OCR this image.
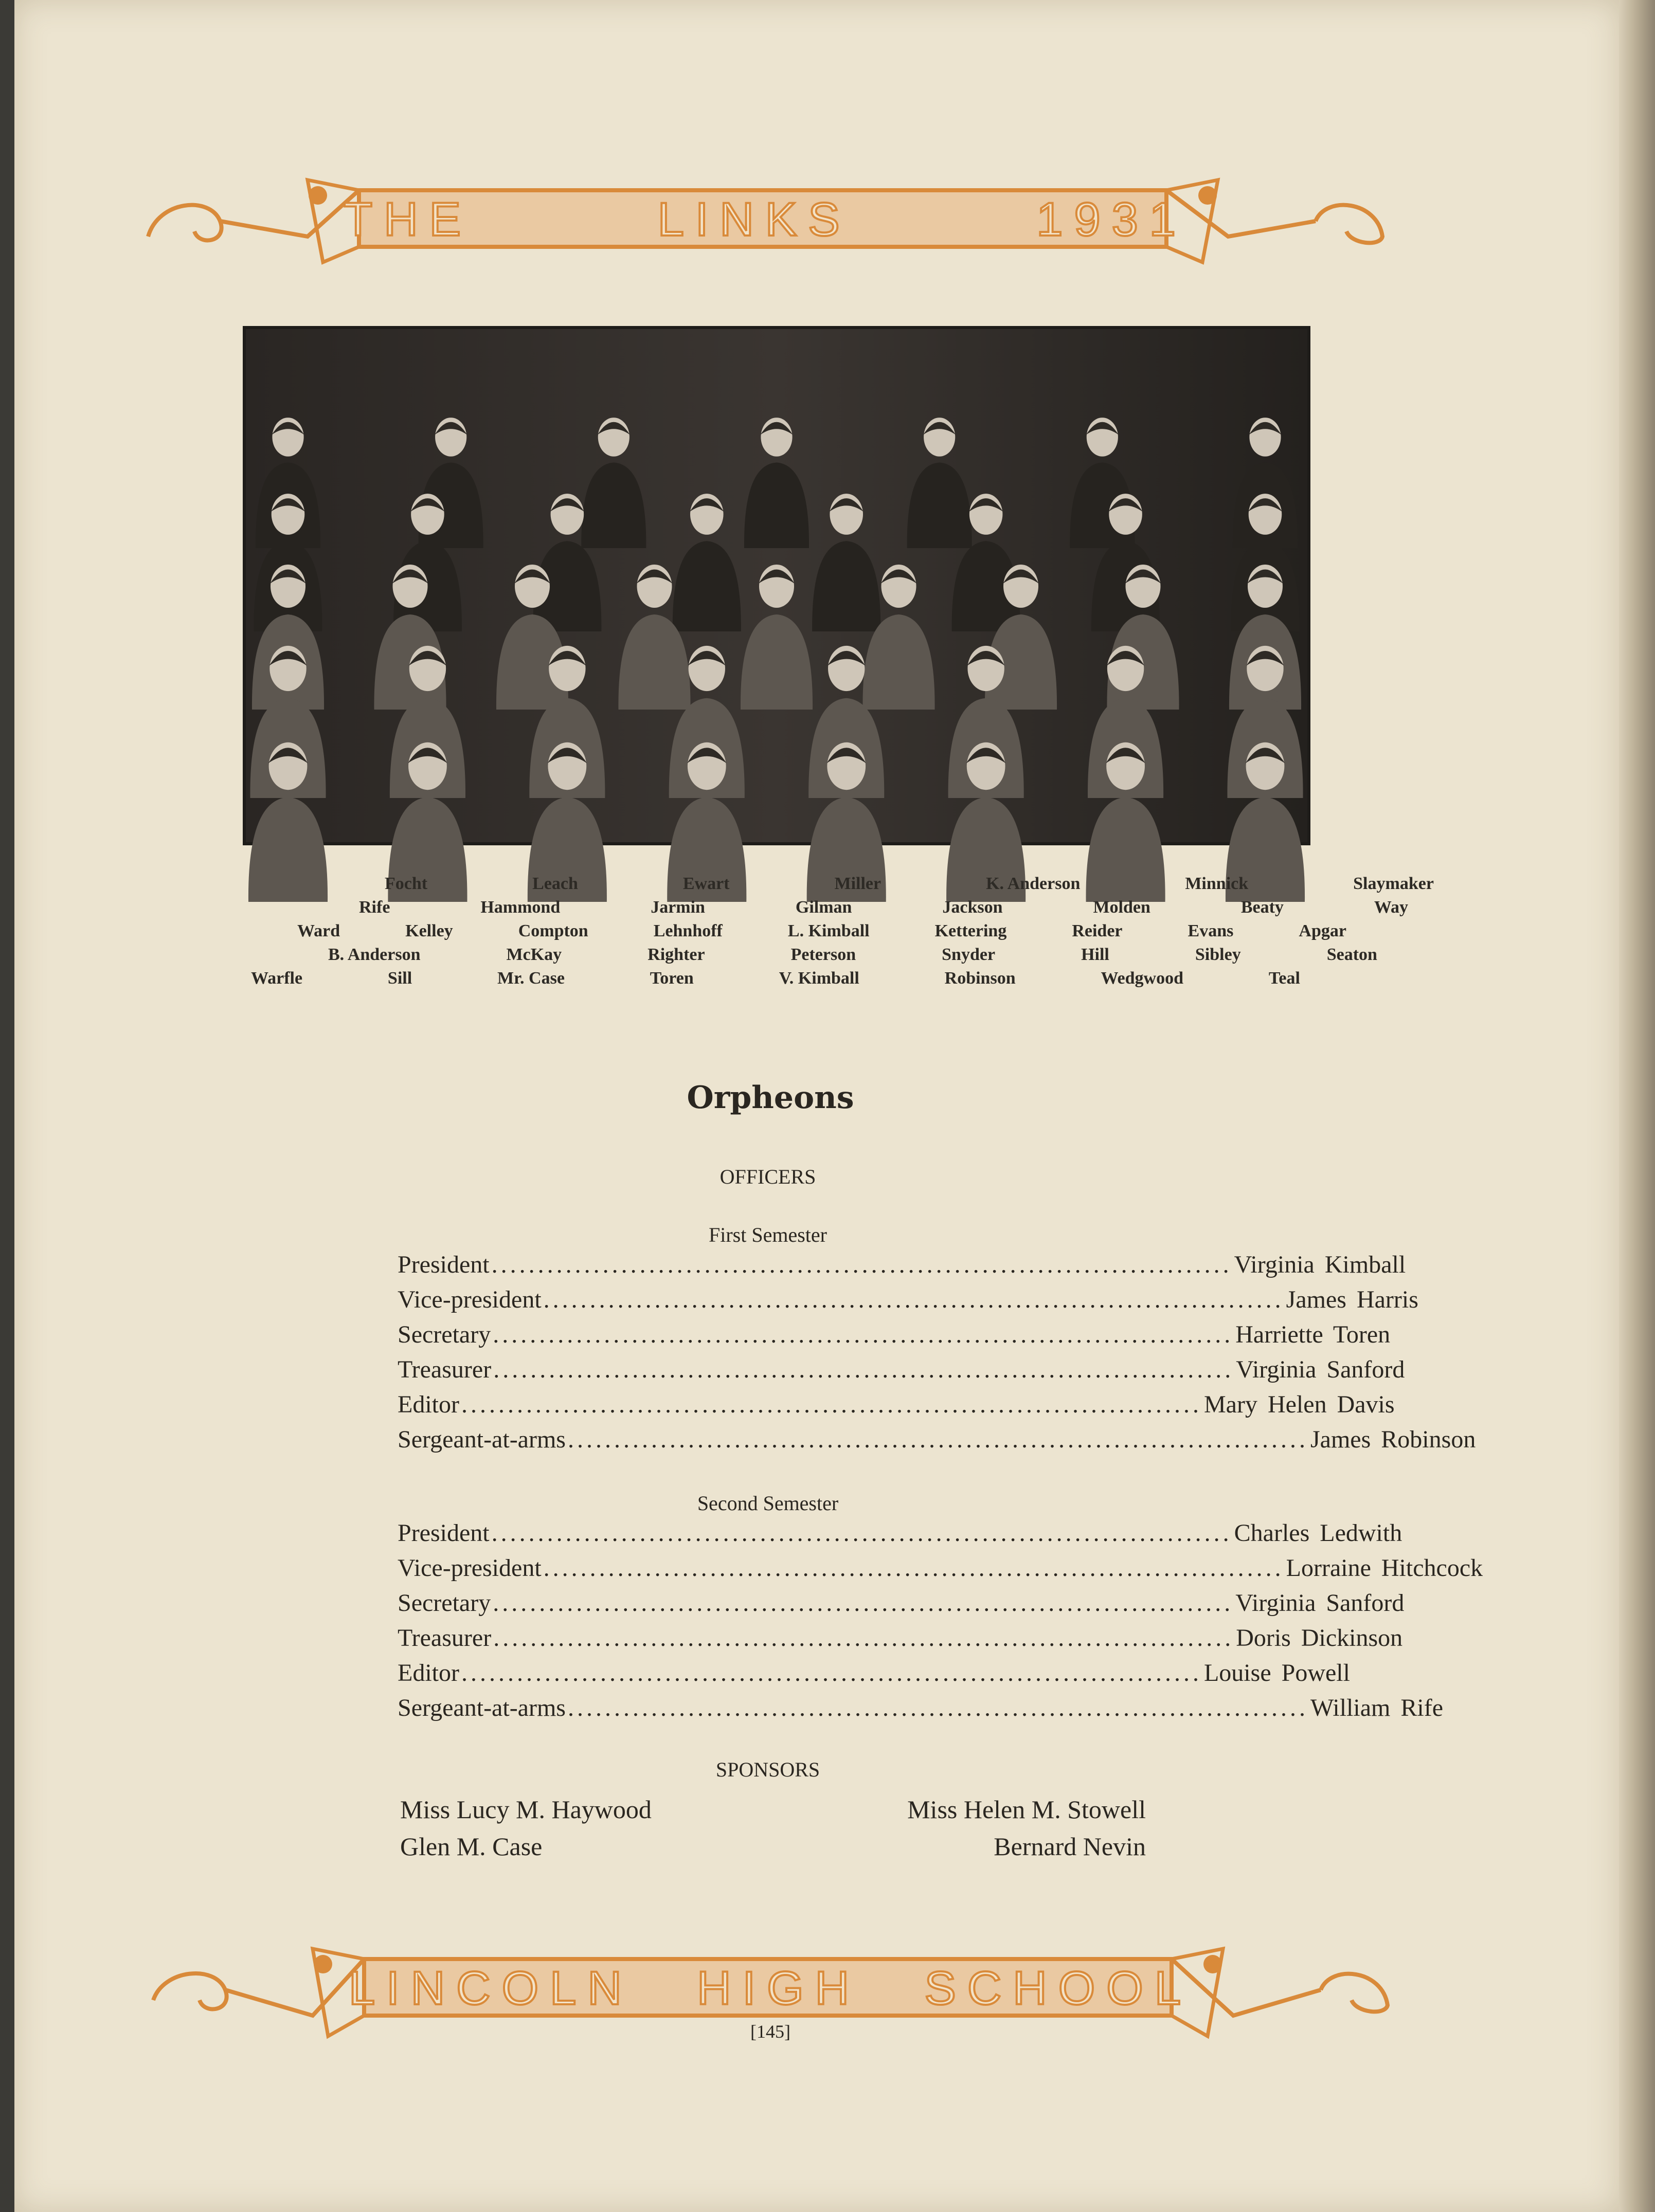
THE	LINKS	1931
Focht	Leach	Ewart	Miller	K. Anderson	Minnick	Slaymaker
Rife	Hammond	Jarmin	Gilman	Jackson	Molden	Beaty	Way
Ward	Kelley	Compton	Lehnhoff	L. Kimball	Kettering	Reider	Evans	Apgar
B. Anderson	McKay	Righter	Peterson	Snyder	Hill	Sibley	Seaton
Warfle	Sill	Mr. Case	Toren	V. Kimball	Robinson	Wedgwood	Teal
Orpheons
OFFICERS
First Semester
President ................................................................................ Virginia Kimball
Vice-president ................................................................................ James Harris
Secretary ................................................................................ Harriette Toren
Treasurer ................................................................................ Virginia Sanford
Editor ................................................................................ Mary Helen Davis
Sergeant-at-arms ................................................................................ James Robinson
Second Semester
President ................................................................................ Charles Ledwith
Vice-president ................................................................................ Lorraine Hitchcock
Secretary ................................................................................ Virginia Sanford
Treasurer ................................................................................ Doris Dickinson
Editor ................................................................................ Louise Powell
Sergeant-at-arms ................................................................................ William Rife
SPONSORS
Miss Lucy M. Haywood	Miss Helen M. Stowell
Glen M. Case	Bernard Nevin
LINCOLN HIGH SCHOOL
[145]
